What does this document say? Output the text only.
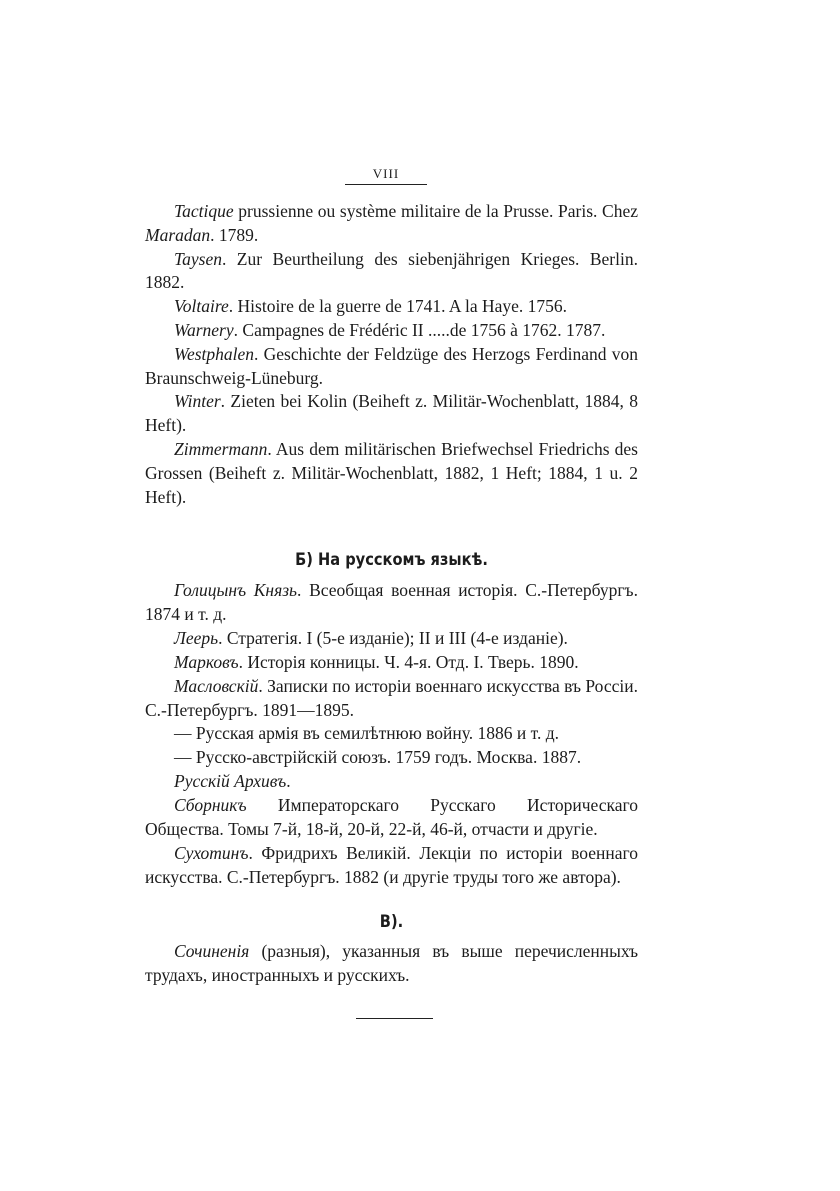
VIII

Tactique prussienne ou système militaire de la Prusse. Paris. Chez Maradan. 1789.

Taysen. Zur Beurtheilung des siebenjährigen Krieges. Berlin. 1882.

Voltaire. Histoire de la guerre de 1741. A la Haye. 1756.

Warnery. Campagnes de Frédéric II .....de 1756 à 1762. 1787.

Westphalen. Geschichte der Feldzüge des Herzogs Ferdinand von Braunschweig-Lüneburg.

Winter. Zieten bei Kolin (Beiheft z. Militär-Wochenblatt, 1884, 8 Heft).

Zimmermann. Aus dem militärischen Briefwechsel Friedrichs des Grossen (Beiheft z. Militär-Wochenblatt, 1882, 1 Heft; 1884, 1 u. 2 Heft).

Б) На русскомъ языкѣ.

Голицынъ Князь. Всеобщая военная исторія. С.-Петербургъ. 1874 и т. д.

Леерь. Стратегія. I (5-е изданіе); II и III (4-е изданіе).

Марковъ. Исторія конницы. Ч. 4-я. Отд. I. Тверь. 1890.

Масловскій. Записки по исторіи военнаго искусства въ Россіи. С.-Петербургъ. 1891—1895.

— Русская армія въ семилѣтнюю войну. 1886 и т. д.

— Русско-австрійскій союзъ. 1759 годъ. Москва. 1887.

Русскій Архивъ.

Сборникъ Императорскаго Русскаго Историческаго Общества. Томы 7-й, 18-й, 20-й, 22-й, 46-й, отчасти и другіе.

Сухотинъ. Фридрихъ Великій. Лекціи по исторіи военнаго искусства. С.-Петербургъ. 1882 (и другіе труды того же автора).

В).

Сочиненія (разныя), указанныя въ выше перечисленныхъ трудахъ, иностранныхъ и русскихъ.
